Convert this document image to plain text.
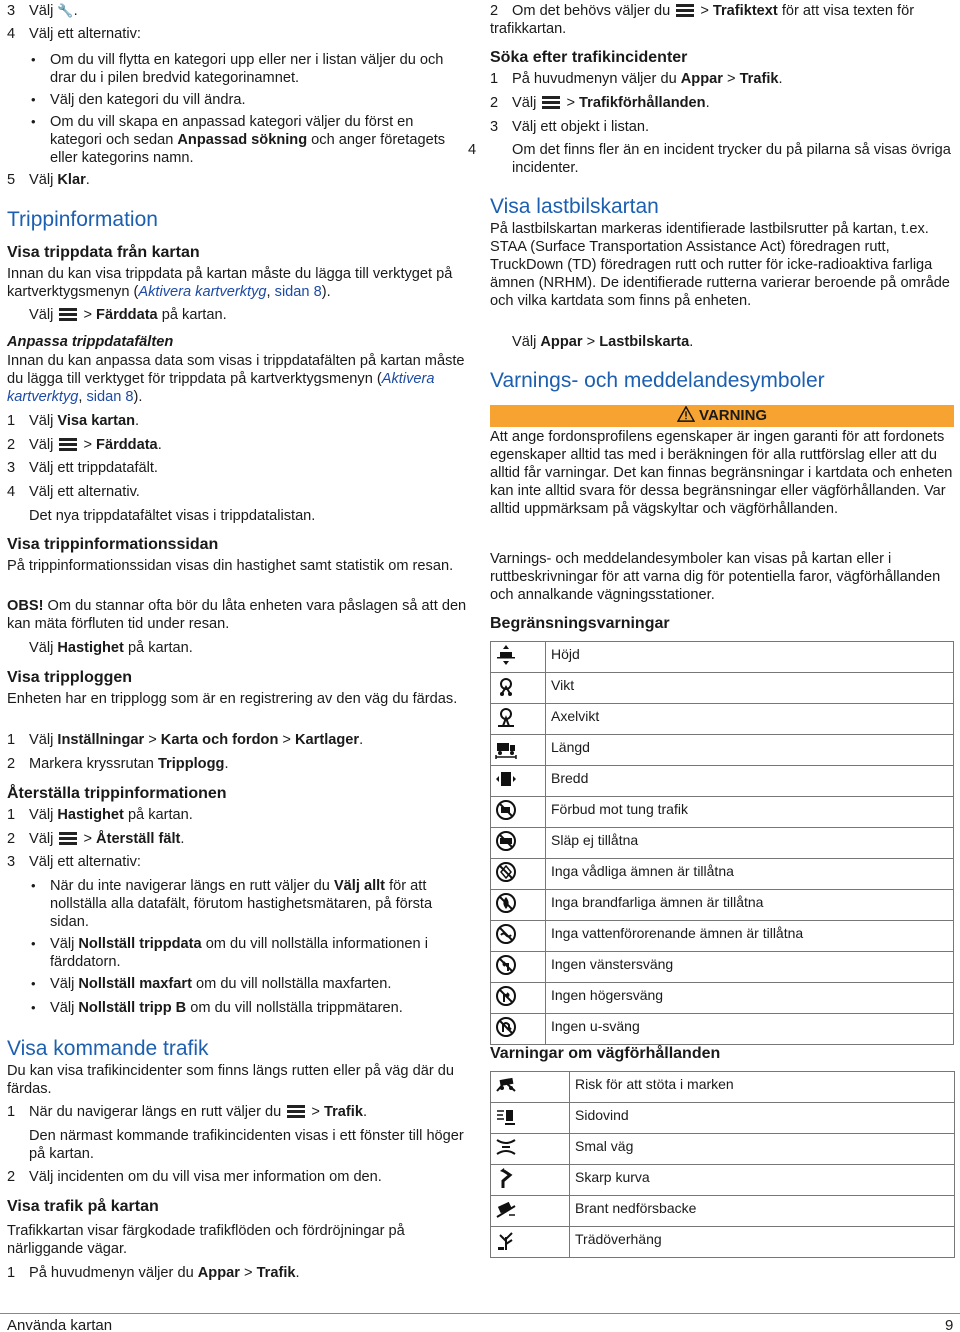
3 Välj 🔧.
4 Välj ett alternativ:
• Om du vill flytta en kategori upp eller ner i listan väljer du och drar du i pilen bredvid kategorinamnet.
• Välj den kategori du vill ändra.
• Om du vill skapa en anpassad kategori väljer du först en kategori och sedan Anpassad sökning och anger företagets eller kategorins namn.
5 Välj Klar.
Trippinformation
Visa trippdata från kartan
Innan du kan visa trippdata på kartan måste du lägga till verktyget på kartverktygsmenyn (Aktivera kartverktyg, sidan 8).
Välj > Färddata på kartan.
Anpassa trippdatafälten
Innan du kan anpassa data som visas i trippdatafälten på kartan måste du lägga till verktyget för trippdata på kartverktygsmenyn (Aktivera kartverktyg, sidan 8).
1 Välj Visa kartan.
2 Välj > Färddata.
3 Välj ett trippdatafält.
4 Välj ett alternativ.
Det nya trippdatafältet visas i trippdatalistan.
Visa trippinformationssidan
På trippinformationssidan visas din hastighet samt statistik om resan.
OBS! Om du stannar ofta bör du låta enheten vara påslagen så att den kan mäta förfluten tid under resan.
Välj Hastighet på kartan.
Visa tripploggen
Enheten har en tripplogg som är en registrering av den väg du färdas.
1 Välj Inställningar > Karta och fordon > Kartlager.
2 Markera kryssrutan Tripplogg.
Återställa trippinformationen
1 Välj Hastighet på kartan.
2 Välj > Återställ fält.
3 Välj ett alternativ:
• När du inte navigerar längs en rutt väljer du Välj allt för att nollställa alla datafält, förutom hastighetsmätaren, på första sidan.
• Välj Nollställ trippdata om du vill nollställa informationen i färddatorn.
• Välj Nollställ maxfart om du vill nollställa maxfarten.
• Välj Nollställ tripp B om du vill nollställa trippmätaren.
Visa kommande trafik
Du kan visa trafikincidenter som finns längs rutten eller på väg där du färdas.
1 När du navigerar längs en rutt väljer du > Trafik.
Den närmast kommande trafikincidenten visas i ett fönster till höger på kartan.
2 Välj incidenten om du vill visa mer information om den.
Visa trafik på kartan
Trafikkartan visar färgkodade trafikflöden och fördröjningar på närliggande vägar.
1 På huvudmenyn väljer du Appar > Trafik.
2 Om det behövs väljer du > Trafiktext för att visa texten för trafikkartan.
Söka efter trafikincidenter
1 På huvudmenyn väljer du Appar > Trafik.
2 Välj > Trafikförhållanden.
3 Välj ett objekt i listan.
4 Om det finns fler än en incident trycker du på pilarna så visas övriga incidenter.
Visa lastbilskartan
På lastbilskartan markeras identifierade lastbilsrutter på kartan, t.ex. STAA (Surface Transportation Assistance Act) föredragen rutt, TruckDown (TD) föredragen rutt och rutter för icke-radioaktiva farliga ämnen (NRHM). De identifierade rutterna varierar beroende på område och vilka kartdata som finns på enheten.
Välj Appar > Lastbilskarta.
Varnings- och meddelandesymboler
VARNING
Att ange fordonsprofilens egenskaper är ingen garanti för att fordonets egenskaper alltid tas med i beräkningen för alla ruttförslag eller att du alltid får varningar. Det kan finnas begränsningar i kartdata och enheten kan inte alltid svara för dessa begränsningar eller vägförhållanden. Var alltid uppmärksam på vägskyltar och vägförhållanden.
Varnings- och meddelandesymboler kan visas på kartan eller i ruttbeskrivningar för att varna dig för potentiella faror, vägförhållanden och annalkande vägningsstationer.
Begränsningsvarningar
	Höjd
	Vikt
	Axelvikt
	Längd
	Bredd
	Förbud mot tung trafik
	Släp ej tillåtna
	Inga vådliga ämnen är tillåtna
	Inga brandfarliga ämnen är tillåtna
	Inga vattenförorenande ämnen är tillåtna
	Ingen vänstersväng
	Ingen högersväng
	Ingen u-sväng
Varningar om vägförhållanden
	Risk för att stöta i marken
	Sidovind
	Smal väg
	Skarp kurva
	Brant nedförsbacke
	Trädöverhäng
Använda kartan	9
